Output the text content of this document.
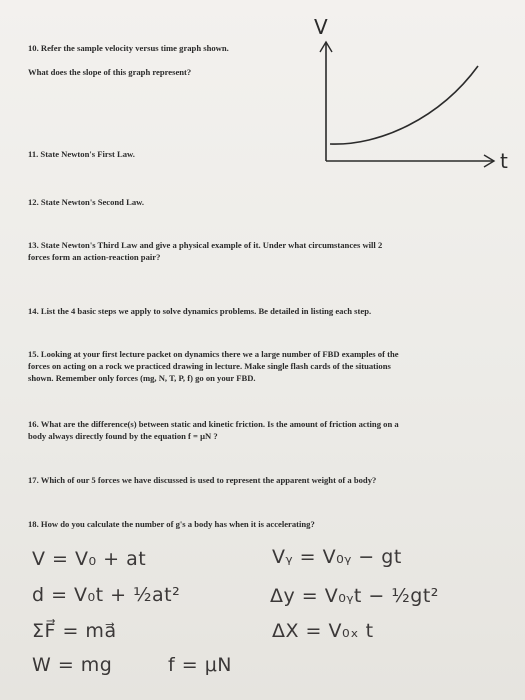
10. Refer the sample velocity versus time graph shown.
What does the slope of this graph represent?
V
t
11. State Newton's First Law.
12. State Newton's Second Law.
13. State Newton's Third Law and give a physical example of it. Under what circumstances will 2
forces form an action-reaction pair?
14. List the 4 basic steps we apply to solve dynamics problems. Be detailed in listing each step.
15. Looking at your first lecture packet on dynamics there we a large number of FBD examples of the
forces on acting on a rock we practiced drawing in lecture. Make single flash cards of the situations
shown. Remember only forces (mg, N, T, P, f) go on your FBD.
16. What are the difference(s) between static and kinetic friction. Is the amount of friction acting on a
body always directly found by the equation f = μN ?
17. Which of our 5 forces we have discussed is used to represent the apparent weight of a body?
18. How do you calculate the number of g's a body has when it is accelerating?
V = V₀ + at
d = V₀t + ½at²
ΣF⃗ = ma⃗
W = mg
Vᵧ = V₀ᵧ − gt
Δy = V₀ᵧt − ½gt²
ΔX = V₀ₓ t
f = μN
